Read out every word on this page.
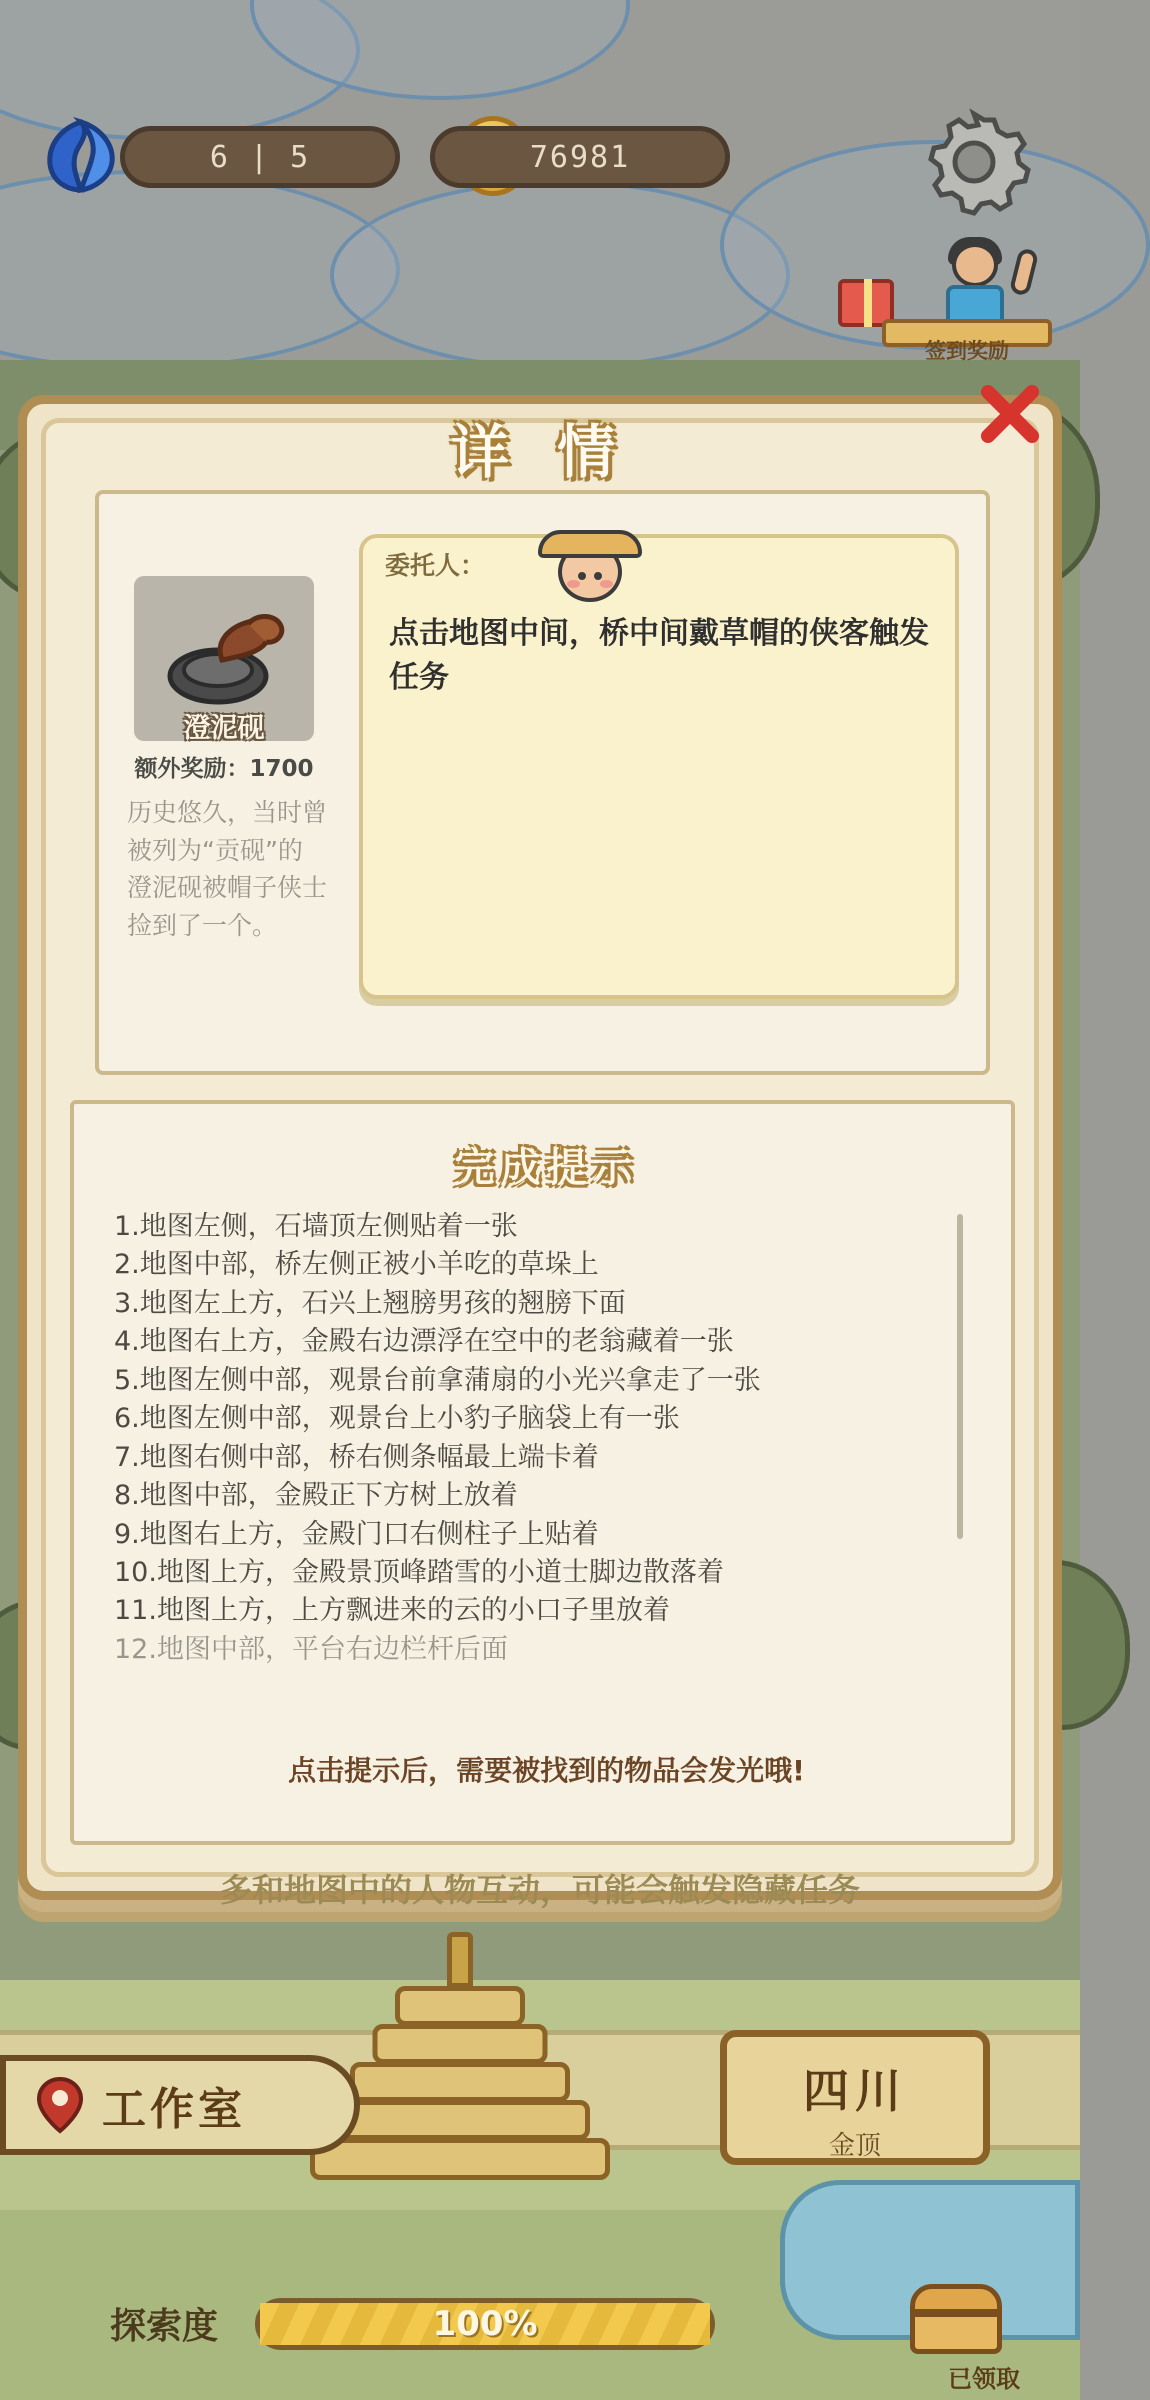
6 | 5	76981
签到奖励
详 情
澄泥砚
额外奖励：1700
历史悠久，当时曾被列为“贡砚”的澄泥砚被帽子侠士捡到了一个。
委托人：
点击地图中间，桥中间戴草帽的侠客触发任务
完成提示
1.地图左侧，石墙顶左侧贴着一张
2.地图中部，桥左侧正被小羊吃的草垛上
3.地图左上方，石兴上翘膀男孩的翘膀下面
4.地图右上方，金殿右边漂浮在空中的老翁藏着一张
5.地图左侧中部，观景台前拿蒲扇的小光兴拿走了一张
6.地图左侧中部，观景台上小豹子脑袋上有一张
7.地图右侧中部，桥右侧条幅最上端卡着
8.地图中部，金殿正下方树上放着
9.地图右上方，金殿门口右侧柱子上贴着
10.地图上方，金殿景顶峰踏雪的小道士脚边散落着
11.地图上方，上方飘进来的云的小口子里放着
12.地图中部，平台右边栏杆后面
点击提示后，需要被找到的物品会发光哦!
多和地图中的人物互动，可能会触发隐藏任务
工作室	四川
金顶
探索度	100%
已领取
